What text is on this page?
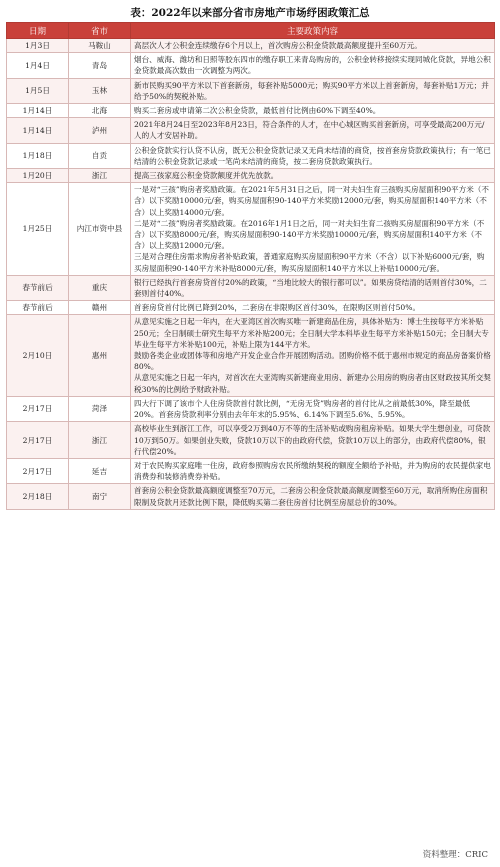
表：2022年以来部分省市房地产市场纾困政策汇总
日期	省市	主要政策内容
1月3日	马鞍山	高层次人才公积金连续缴存6个月以上，首次购房公积金贷款最高额度提升至60万元。
1月4日	青岛	烟台、威海、潍坊和日照等胶东四市的缴存职工来青岛购房的，公积金转移接续实现同城化贷款，异地公积金贷款最高次数由一次调整为两次。
1月5日	玉林	新市民购买90平方米以下首套新房，每套补贴5000元；购买90平方米以上首套新房，每套补贴1万元；并给予50%的契税补贴。
1月14日	北海	购买二套房或申请第二次公积金贷款，最低首付比例由60%下调至40%。
1月14日	泸州	2021年8月24日至2023年8月23日，符合条件的人才，在中心城区购买首套新房，可享受最高200万元/人的人才安居补助。
1月18日	自贡	公积金贷款实行认贷不认房，既无公积金贷款记录又无尚未结清的商贷，按首套房贷款政策执行；有一笔已结清的公积金贷款记录或一笔尚未结清的商贷，按二套房贷款政策执行。
1月20日	浙江	提高三孩家庭公积金贷款额度并优先放款。
1月25日	内江市资中县	一是对“三孩”购房者奖励政策。在2021年5月31日之后，同一对夫妇生育三孩购买房屋面积90平方米（不含）以下奖励10000元/套，购买房屋面积90-140平方米奖励12000元/套，购买房屋面积140平方米（不含）以上奖励14000元/套。
二是对“二孩”购房者奖励政策。在2016年1月1日之后，同一对夫妇生育二孩购买房屋面积90平方米（不含）以下奖励8000元/套，购买房屋面积90-140平方米奖励10000元/套，购买房屋面积140平方米（不含）以上奖励12000元/套。
三是对合理住房需求购房者补贴政策，普通家庭购买房屋面积90平方米（不含）以下补贴6000元/套，购买房屋面积90-140平方米补贴8000元/套，购买房屋面积140平方米以上补贴10000元/套。
春节前后	重庆	银行已经执行首套房贷首付20%的政策，“当地比较大的银行都可以”。如果房贷结清的话则首付30%，二套则首付40%。
春节前后	赣州	首套房贷首付比例已降到20%，二套房在非限购区首付30%，在限购区则首付50%。
2月10日	惠州	从意见实施之日起一年内，在大亚湾区首次购买唯一新建商品住房，具体补贴为：博士生按每平方米补贴250元；全日制硕士研究生每平方米补贴200元；全日制大学本科毕业生每平方米补贴150元；全日制大专毕业生每平方米补贴100元，补贴上限为144平方米。
鼓励各类企业或团体等和房地产开发企业合作开展团购活动。团购价格不低于惠州市规定的商品房备案价格80%。
从意见实施之日起一年内，对首次在大亚湾购买新建商业用房、新建办公用房的购房者由区财政按其所交契税30%的比例给予财政补贴。
2月17日	菏泽	四大行下调了该市个人住房贷款首付款比例，“无房无贷”购房者的首付比从之前最低30%，降至最低20%。首套房贷款利率分别由去年年末的5.95%、6.14%下调至5.6%、5.95%。
2月17日	浙江	高校毕业生到浙江工作，可以享受2万到40万不等的生活补贴或购房租房补贴。如果大学生想创业，可贷款10万到50万。如果创业失败，贷款10万以下的由政府代偿，贷款10万以上的部分，由政府代偿80%，银行代偿20%。
2月17日	延吉	对于农民购买家庭唯一住房，政府参照购房农民所缴纳契税的额度全额给予补贴，并为购房的农民提供家电消费券和装修消费券补贴。
2月18日	南宁	首套房公积金贷款最高额度调整至70万元，二套房公积金贷款最高额度调整至60万元，取消所购住房面积限制及贷款月还款比例下限，降低购买第二套住房首付比例至房屋总价的30%。
资料整理：CRIC
